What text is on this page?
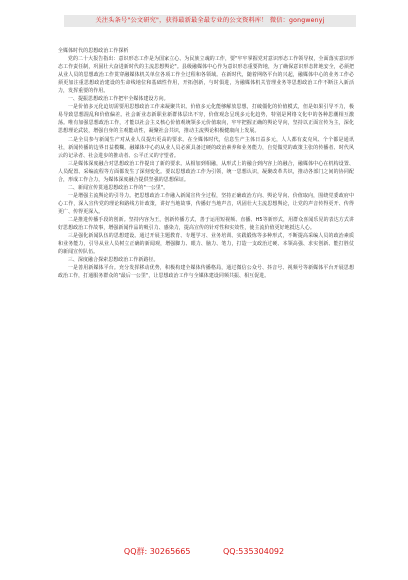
关注头条号"公文研究"，获得最新最全最专业的公文资料库！ 微信：gongwenyj

全媒体时代的思想政治工作探析

党的二十大报告指出：意识形态工作是为国家立心、为民族立魂的工作，要"牢牢掌握党对意识形态工作领导权，全面落实意识形态工作责任制，巩固壮大奋进新时代的主流思想舆论"。县级融媒体中心作为意识形态重要阵地，为了确保意识形态阵地安全，必须把从业人员的思想政治工作贯穿融媒体机关单位各项工作全过程和各领域。在新时代，随着网络平台的兴起，融媒体中心的业务工作必须更加注重思想政治建设的生命线地位和基础性作用，开拓创新，与时俱进，为融媒体机关管理业务等思想政治工作不断注入新活力，发挥重要的作用。

一、提振思想政治工作把牢全媒体建设方向。

一是价值多元化迫切需要用思想政治工作来凝聚共识。价值多元化能够解放思想，打破僵化的价值模式，但是如果引导不力，极易导致思想混乱和价值偏差。社会新业态新职业新群体层出不穷，价值观念呈现多元化趋势，特别是网络文化中的各种思潮相互激荡。唯有加强思想政治工作，才能以社会主义核心价值观统领多元价值取向，牢牢把握正确的舆论导向，坚持以正面宣传为主，深化思想理论武装，增强自身的主观能动性，凝聚社会共识，推动主流舆论积极健康向上发展。

二是全员参与新闻生产对从业人员提出更高的要求。在全媒体时代，信息生产主体日益多元，人人都有麦克风、个个都是通讯社，新闻传播的边界日益模糊。融媒体中心的从业人员必须具备过硬的政治素养和业务能力，自觉做党的政策主张的传播者、时代风云的记录者、社会进步的推动者、公平正义的守望者。

三是媒体深度融合对思想政治工作提出了新的要求。从相加到相融，从形式上的融合到内容上的融合，融媒体中心在机构设置、人员配置、采编流程等方面都发生了深刻变化。要以思想政治工作为引领，统一思想认识，凝聚改革共识，推动各部门之间的协同配合，形成工作合力，为媒体深度融合提供坚强的思想保证。

二、新闻宣传贯通思想政治工作的"一公里"。

一是增强主流舆论的引导力。把思想政治工作融入新闻宣传全过程，坚持正确政治方向、舆论导向、价值取向，围绕党委政府中心工作，深入宣传党的理论和路线方针政策，讲好当地故事，传播好当地声音，巩固壮大主流思想舆论，让党的声音传得更开、传得更广、传得更深入。

二是推进传播手段的创新。坚持内容为王，创新传播方式，善于运用短视频、直播、H5等新形式，用群众喜闻乐见的表达方式讲好思想政治工作故事，增强新闻作品的吸引力、感染力，提高宣传的针对性和实效性，使主流价值更好地抵达人心。

三是强化新闻队伍的思想建设。通过开展主题教育、专题学习、业务培训、实践锻炼等多种形式，不断提高采编人员的政治素质和业务能力，引导从业人员树立正确的新闻观，增强脚力、眼力、脑力、笔力，打造一支政治过硬、本领高强、求实创新、能打胜仗的新闻宣传队伍。

三、深度融合探索思想政治工作新路径。

一是善用新媒体平台。充分发挥移动优势，积极构建全媒体传播格局，通过微信公众号、抖音号、视频号等新媒体平台开展思想政治工作，打通服务群众的"最后一公里"，让思想政治工作与全媒体建设同频共振、相互促进。

QQ群: 30265665	QQ:535304092
